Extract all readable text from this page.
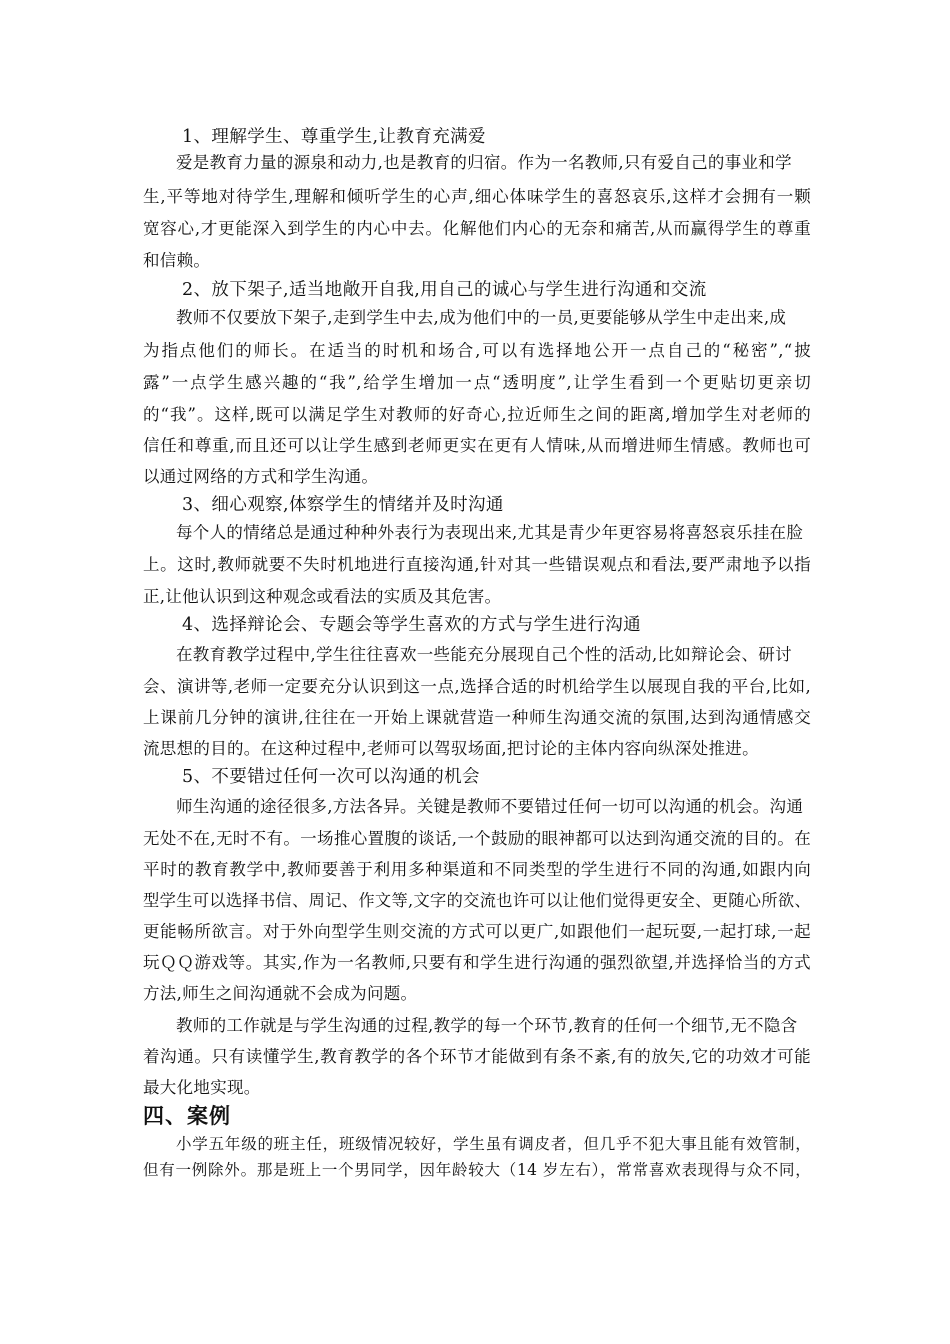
1、理解学生、尊重学生,让教育充满爱
爱是教育力量的源泉和动力,也是教育的归宿。作为一名教师,只有爱自己的事业和学
生,平等地对待学生,理解和倾听学生的心声,细心体味学生的喜怒哀乐,这样才会拥有一颗
宽容心,才更能深入到学生的内心中去。化解他们内心的无奈和痛苦,从而赢得学生的尊重
和信赖。
2、放下架子,适当地敞开自我,用自己的诚心与学生进行沟通和交流
教师不仅要放下架子,走到学生中去,成为他们中的一员,更要能够从学生中走出来,成
为指点他们的师长。在适当的时机和场合,可以有选择地公开一点自己的“秘密”,“披
露”一点学生感兴趣的“我”,给学生增加一点“透明度”,让学生看到一个更贴切更亲切
的“我”。这样,既可以满足学生对教师的好奇心,拉近师生之间的距离,增加学生对老师的
信任和尊重,而且还可以让学生感到老师更实在更有人情味,从而增进师生情感。教师也可
以通过网络的方式和学生沟通。
3、细心观察,体察学生的情绪并及时沟通
每个人的情绪总是通过种种外表行为表现出来,尤其是青少年更容易将喜怒哀乐挂在脸
上。这时,教师就要不失时机地进行直接沟通,针对其一些错误观点和看法,要严肃地予以指
正,让他认识到这种观念或看法的实质及其危害。
4、选择辩论会、专题会等学生喜欢的方式与学生进行沟通
在教育教学过程中,学生往往喜欢一些能充分展现自己个性的活动,比如辩论会、研讨
会、演讲等,老师一定要充分认识到这一点,选择合适的时机给学生以展现自我的平台,比如,
上课前几分钟的演讲,往往在一开始上课就营造一种师生沟通交流的氛围,达到沟通情感交
流思想的目的。在这种过程中,老师可以驾驭场面,把讨论的主体内容向纵深处推进。
5、不要错过任何一次可以沟通的机会
师生沟通的途径很多,方法各异。关键是教师不要错过任何一切可以沟通的机会。沟通
无处不在,无时不有。一场推心置腹的谈话,一个鼓励的眼神都可以达到沟通交流的目的。在
平时的教育教学中,教师要善于利用多种渠道和不同类型的学生进行不同的沟通,如跟内向
型学生可以选择书信、周记、作文等,文字的交流也许可以让他们觉得更安全、更随心所欲、
更能畅所欲言。对于外向型学生则交流的方式可以更广,如跟他们一起玩耍,一起打球,一起
玩ＱＱ游戏等。其实,作为一名教师,只要有和学生进行沟通的强烈欲望,并选择恰当的方式
方法,师生之间沟通就不会成为问题。
教师的工作就是与学生沟通的过程,教学的每一个环节,教育的任何一个细节,无不隐含
着沟通。只有读懂学生,教育教学的各个环节才能做到有条不紊,有的放矢,它的功效才可能
最大化地实现。
四、案例
小学五年级的班主任，班级情况较好，学生虽有调皮者，但几乎不犯大事且能有效管制，
但有一例除外。那是班上一个男同学，因年龄较大（14 岁左右），常常喜欢表现得与众不同，
